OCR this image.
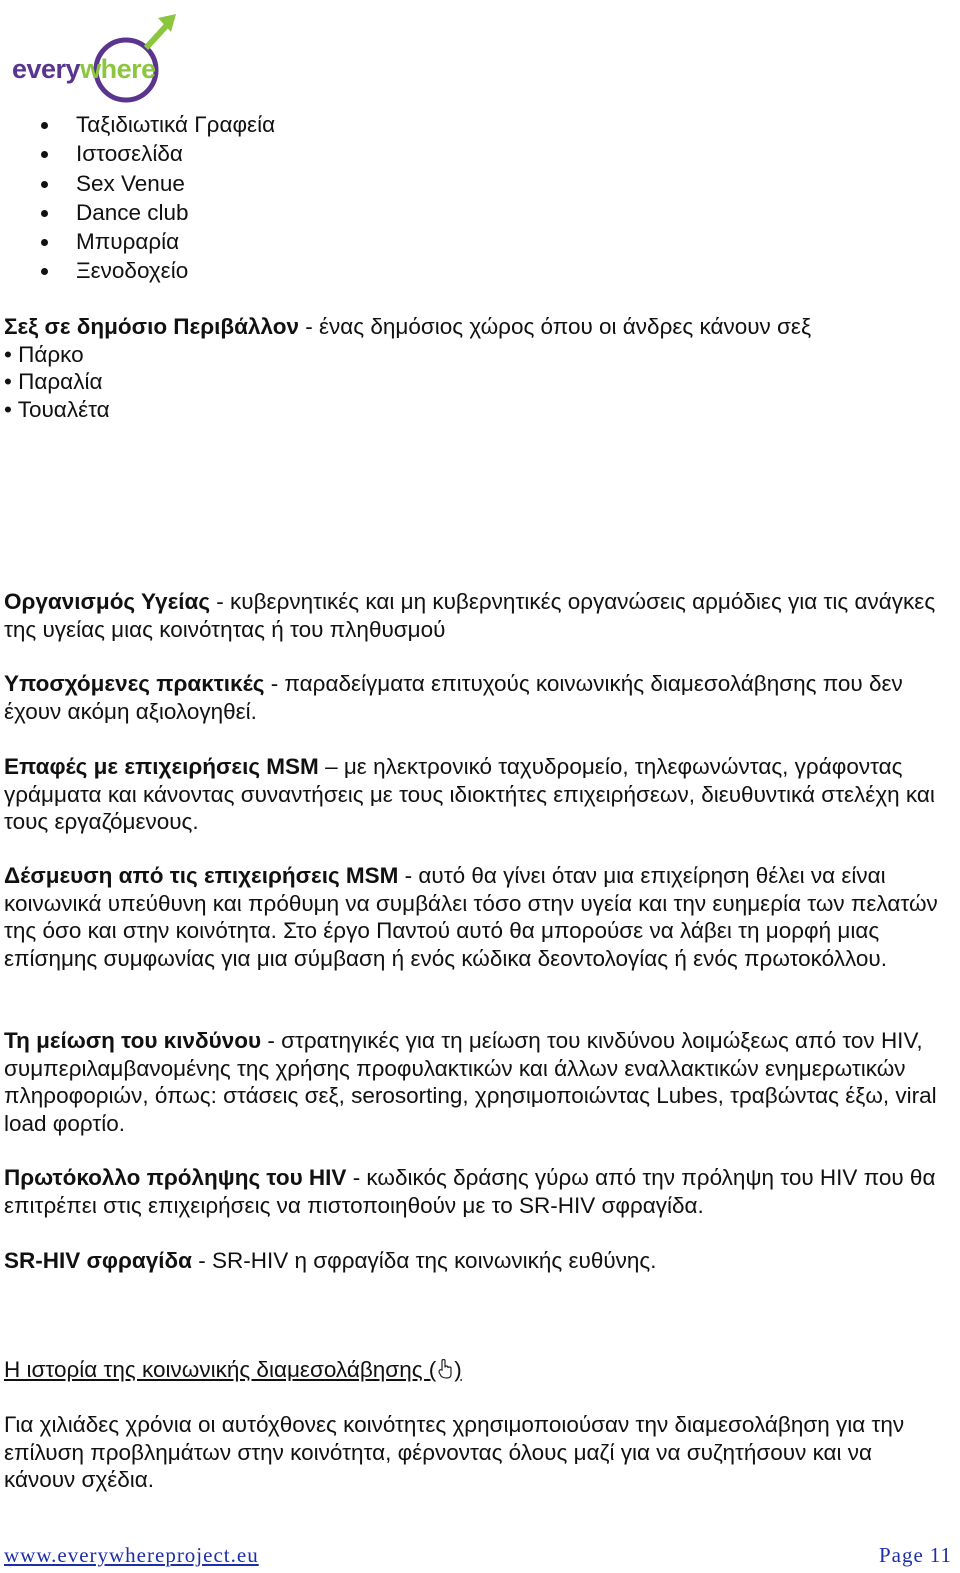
everywhere
Ταξιδιωτικά Γραφεία
Ιστοσελίδα
Sex Venue
Dance club
Μπυραρία
Ξενοδοχείο
Σεξ σε δημόσιο Περιβάλλον - ένας δημόσιος χώρος όπου οι άνδρες κάνουν σεξ
• Πάρκο
• Παραλία
• Τουαλέτα

Οργανισμός Υγείας - κυβερνητικές και μη κυβερνητικές οργανώσεις αρμόδιες για τις ανάγκες της υγείας μιας κοινότητας ή του πληθυσμού

Υποσχόμενες πρακτικές - παραδείγματα επιτυχούς κοινωνικής διαμεσολάβησης που δεν έχουν ακόμη αξιολογηθεί.

Επαφές με επιχειρήσεις MSM – με ηλεκτρονικό ταχυδρομείο, τηλεφωνώντας, γράφοντας γράμματα και κάνοντας συναντήσεις με τους ιδιοκτήτες επιχειρήσεων, διευθυντικά στελέχη και τους εργαζόμενους.

Δέσμευση από τις επιχειρήσεις MSM - αυτό θα γίνει όταν μια επιχείρηση θέλει να είναι κοινωνικά υπεύθυνη και πρόθυμη να συμβάλει τόσο στην υγεία και την ευημερία των πελατών της όσο και στην κοινότητα. Στο έργο Παντού αυτό θα μπορούσε να λάβει τη μορφή μιας επίσημης συμφωνίας για μια σύμβαση ή ενός κώδικα δεοντολογίας ή ενός πρωτοκόλλου.

Τη μείωση του κινδύνου - στρατηγικές για τη μείωση του κινδύνου λοιμώξεως από τον HIV, συμπεριλαμβανομένης της χρήσης προφυλακτικών και άλλων εναλλακτικών ενημερωτικών πληροφοριών, όπως: στάσεις σεξ, serosorting, χρησιμοποιώντας Lubes, τραβώντας έξω, viral load φορτίο.

Πρωτόκολλο πρόληψης του HIV - κωδικός δράσης γύρω από την πρόληψη του HIV που θα επιτρέπει στις επιχειρήσεις να πιστοποιηθούν με το SR-HIV σφραγίδα.

SR-HIV σφραγίδα - SR-HIV η σφραγίδα της κοινωνικής ευθύνης.

Η ιστορία της κοινωνικής διαμεσολάβησης ( )

Για χιλιάδες χρόνια οι αυτόχθονες κοινότητες χρησιμοποιούσαν την διαμεσολάβηση για την επίλυση προβλημάτων στην κοινότητα, φέρνοντας όλους μαζί για να συζητήσουν και να κάνουν σχέδια.

www.everywhereproject.eu	Page 11
